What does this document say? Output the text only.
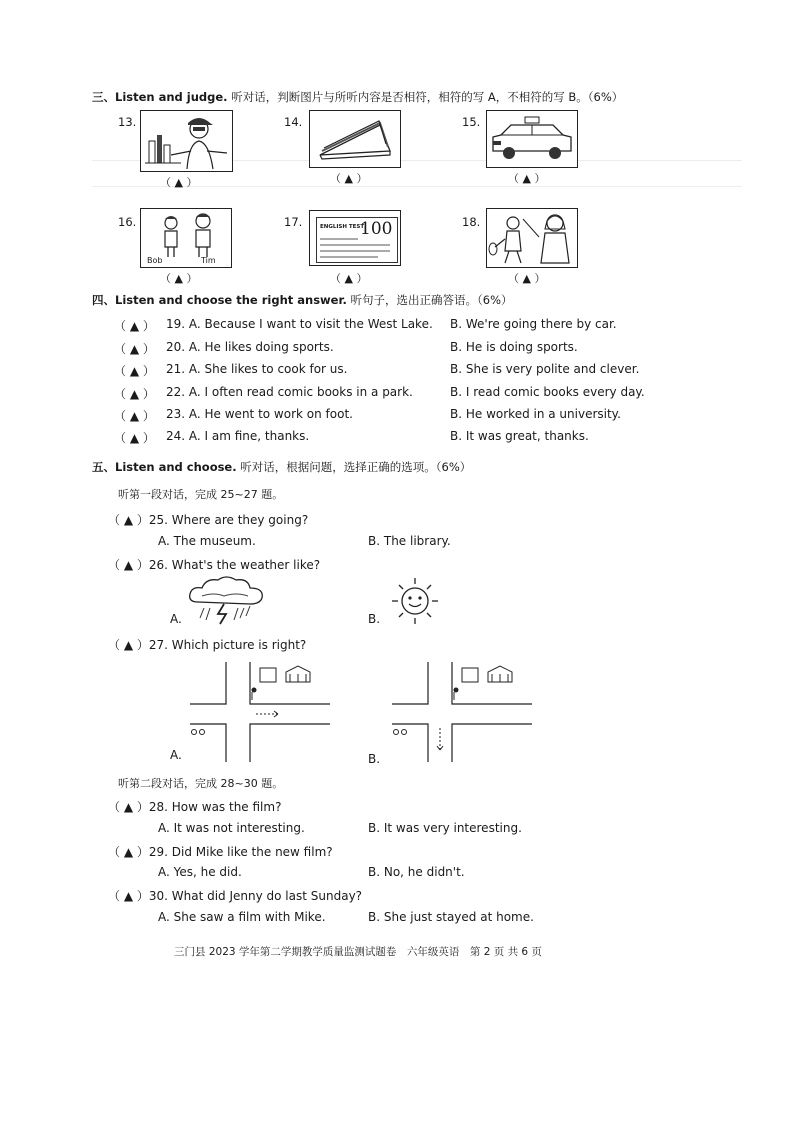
三、Listen and judge. 听对话，判断图片与所听内容是否相符，相符的写 A，不相符的写 B。（6%）
13.
（ ▲ ）
14.
（ ▲ ）
15.
（ ▲ ）
16.
Bob	Tim
（ ▲ ）
17.	ENGLISH TEST
100
（ ▲ ）
18.
（ ▲ ）
四、Listen and choose the right answer. 听句子，选出正确答语。（6%）
（ ▲ ） 19. A. Because I want to visit the West Lake. B. We're going there by car.
（ ▲ ） 20. A. He likes doing sports.	B. He is doing sports.
（ ▲ ） 21. A. She likes to cook for us.	B. She is very polite and clever.
（ ▲ ） 22. A. I often read comic books in a park.	B. I read comic books every day.
（ ▲ ） 23. A. He went to work on foot.	B. He worked in a university.
（ ▲ ） 24. A. I am fine, thanks.	B. It was great, thanks.
五、Listen and choose. 听对话，根据问题，选择正确的选项。（6%）
听第一段对话，完成 25~27 题。
（ ▲ ）25. Where are they going?
A. The museum.	B. The library.
（ ▲ ）26. What's the weather like?
A.	B.
（ ▲ ）27. Which picture is right?
A.	B.
听第二段对话，完成 28~30 题。
（ ▲ ）28. How was the film?
A. It was not interesting.	B. It was very interesting.
（ ▲ ）29. Did Mike like the new film?
A. Yes, he did.	B. No, he didn't.
（ ▲ ）30. What did Jenny do last Sunday?
A. She saw a film with Mike.	B. She just stayed at home.
三门县 2023 学年第二学期教学质量监测试题卷　六年级英语　第 2 页 共 6 页
